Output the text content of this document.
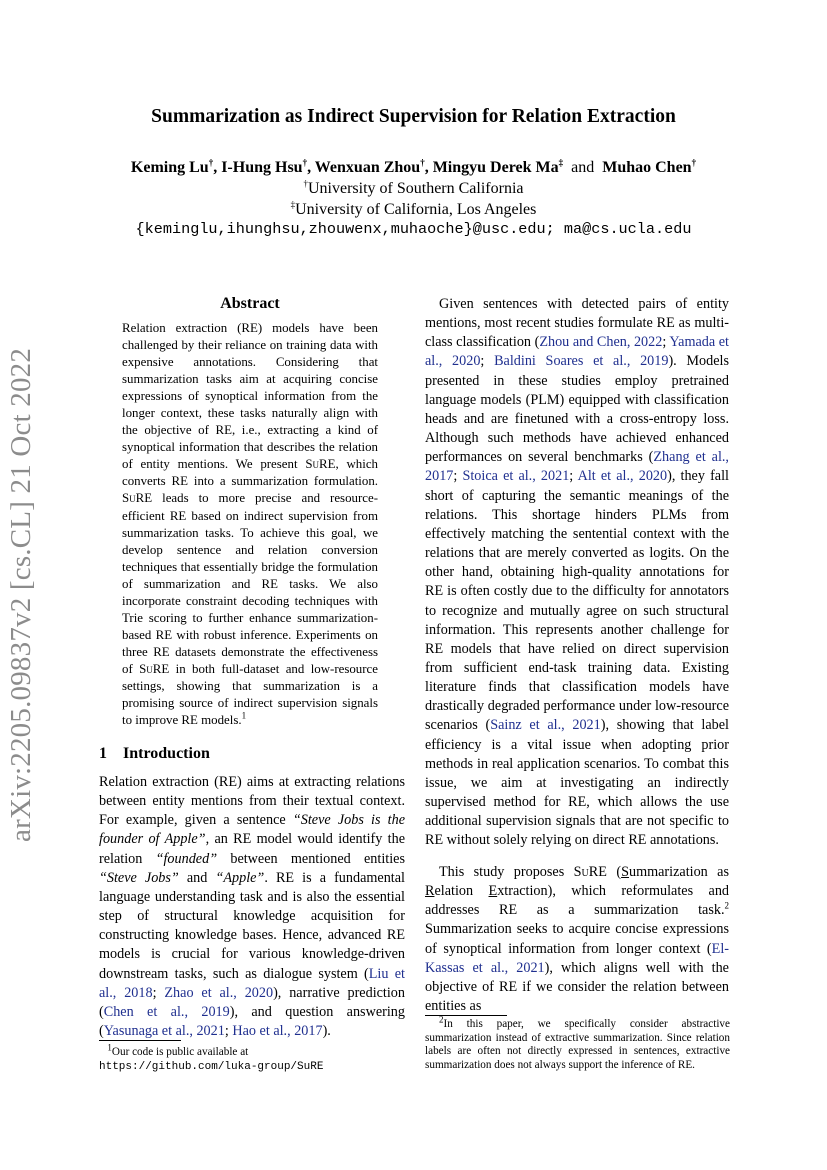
arXiv:2205.09837v2 [cs.CL] 21 Oct 2022
Summarization as Indirect Supervision for Relation Extraction
Keming Lu†, I-Hung Hsu†, Wenxuan Zhou†, Mingyu Derek Ma‡ and Muhao Chen†
†University of Southern California
‡University of California, Los Angeles
{keminglu,ihunghsu,zhouwenx,muhaoche}@usc.edu; ma@cs.ucla.edu
Abstract
Relation extraction (RE) models have been challenged by their reliance on training data with expensive annotations. Considering that summarization tasks aim at acquiring concise expressions of synoptical information from the longer context, these tasks naturally align with the objective of RE, i.e., extracting a kind of synoptical information that describes the relation of entity mentions. We present SuRE, which converts RE into a summarization formulation. SuRE leads to more precise and resource-efficient RE based on indirect supervision from summarization tasks. To achieve this goal, we develop sentence and relation conversion techniques that essentially bridge the formulation of summarization and RE tasks. We also incorporate constraint decoding techniques with Trie scoring to further enhance summarization-based RE with robust inference. Experiments on three RE datasets demonstrate the effectiveness of SuRE in both full-dataset and low-resource settings, showing that summarization is a promising source of indirect supervision signals to improve RE models.$^1$
1 Introduction
Relation extraction (RE) aims at extracting relations between entity mentions from their textual context. For example, given a sentence “Steve Jobs is the founder of Apple”, an RE model would identify the relation “founded” between mentioned entities “Steve Jobs” and “Apple”. RE is a fundamental language understanding task and is also the essential step of structural knowledge acquisition for constructing knowledge bases. Hence, advanced RE models is crucial for various knowledge-driven downstream tasks, such as dialogue system (Liu et al., 2018; Zhao et al., 2020), narrative prediction (Chen et al., 2019), and question answering (Yasunaga et al., 2021; Hao et al., 2017).
$^1$Our code is public available at https://github.com/luka-group/SuRE
Given sentences with detected pairs of entity mentions, most recent studies formulate RE as multi-class classification (Zhou and Chen, 2022; Yamada et al., 2020; Baldini Soares et al., 2019). Models presented in these studies employ pretrained language models (PLM) equipped with classification heads and are finetuned with a cross-entropy loss. Although such methods have achieved enhanced performances on several benchmarks (Zhang et al., 2017; Stoica et al., 2021; Alt et al., 2020), they fall short of capturing the semantic meanings of the relations. This shortage hinders PLMs from effectively matching the sentential context with the relations that are merely converted as logits. On the other hand, obtaining high-quality annotations for RE is often costly due to the difficulty for annotators to recognize and mutually agree on such structural information. This represents another challenge for RE models that have relied on direct supervision from sufficient end-task training data. Existing literature finds that classification models have drastically degraded performance under low-resource scenarios (Sainz et al., 2021), showing that label efficiency is a vital issue when adopting prior methods in real application scenarios. To combat this issue, we aim at investigating an indirectly supervised method for RE, which allows the use additional supervision signals that are not specific to RE without solely relying on direct RE annotations.
This study proposes SuRE (Summarization as Relation Extraction), which reformulates and addresses RE as a summarization task.$^2$ Summarization seeks to acquire concise expressions of synoptical information from longer context (El-Kassas et al., 2021), which aligns well with the objective of RE if we consider the relation between entities as
$^2$In this paper, we specifically consider abstractive summarization instead of extractive summarization. Since relation labels are often not directly expressed in sentences, extractive summarization does not always support the inference of RE.
